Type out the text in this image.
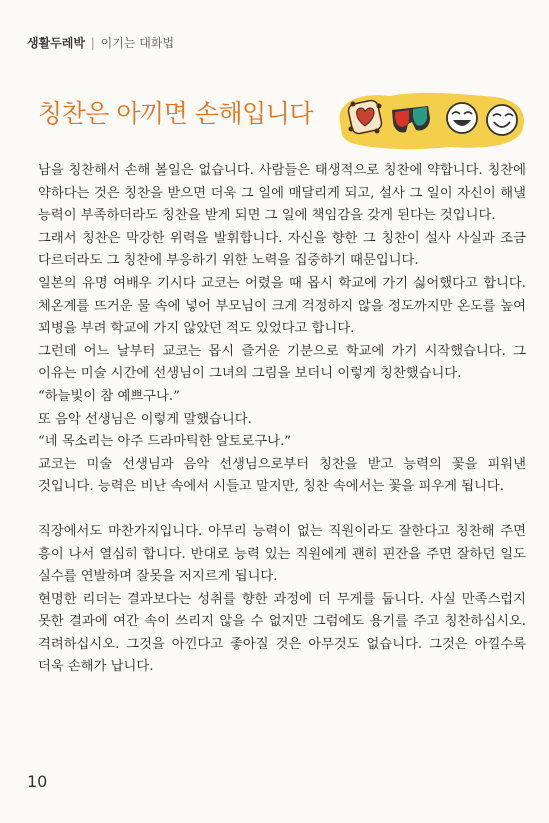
생활두레박 | 이기는 대화법
칭찬은 아끼면 손해입니다

남을 칭찬해서 손해 볼일은 없습니다. 사람들은 태생적으로 칭찬에 약합니다. 칭찬에 약하다는 것은 칭찬을 받으면 더욱 그 일에 매달리게 되고, 설사 그 일이 자신이 해낼 능력이 부족하더라도 칭찬을 받게 되면 그 일에 책임감을 갖게 된다는 것입니다.

그래서 칭찬은 막강한 위력을 발휘합니다. 자신을 향한 그 칭찬이 설사 사실과 조금 다르더라도 그 칭찬에 부응하기 위한 노력을 집중하기 때문입니다.

일본의 유명 여배우 기시다 교코는 어렸을 때 몹시 학교에 가기 싫어했다고 합니다. 체온계를 뜨거운 물 속에 넣어 부모님이 크게 걱정하지 않을 정도까지만 온도를 높여 꾀병을 부려 학교에 가지 않았던 적도 있었다고 합니다.

그런데 어느 날부터 교코는 몹시 즐거운 기분으로 학교에 가기 시작했습니다. 그 이유는 미술 시간에 선생님이 그녀의 그림을 보더니 이렇게 칭찬했습니다.

“하늘빛이 참 예쁘구나.”

또 음악 선생님은 이렇게 말했습니다.

“네 목소리는 아주 드라마틱한 알토로구나.”

교코는 미술 선생님과 음악 선생님으로부터 칭찬을 받고 능력의 꽃을 피워낸 것입니다. 능력은 비난 속에서 시들고 말지만, 칭찬 속에서는 꽃을 피우게 됩니다.

직장에서도 마찬가지입니다. 아무리 능력이 없는 직원이라도 잘한다고 칭찬해 주면 흥이 나서 열심히 합니다. 반대로 능력 있는 직원에게 괜히 핀잔을 주면 잘하던 일도 실수를 연발하며 잘못을 저지르게 됩니다.

현명한 리더는 결과보다는 성취를 향한 과정에 더 무게를 둡니다. 사실 만족스럽지 못한 결과에 여간 속이 쓰리지 않을 수 없지만 그럼에도 용기를 주고 칭찬하십시오. 격려하십시오. 그것을 아낀다고 좋아질 것은 아무것도 없습니다. 그것은 아낄수록 더욱 손해가 납니다.

10
